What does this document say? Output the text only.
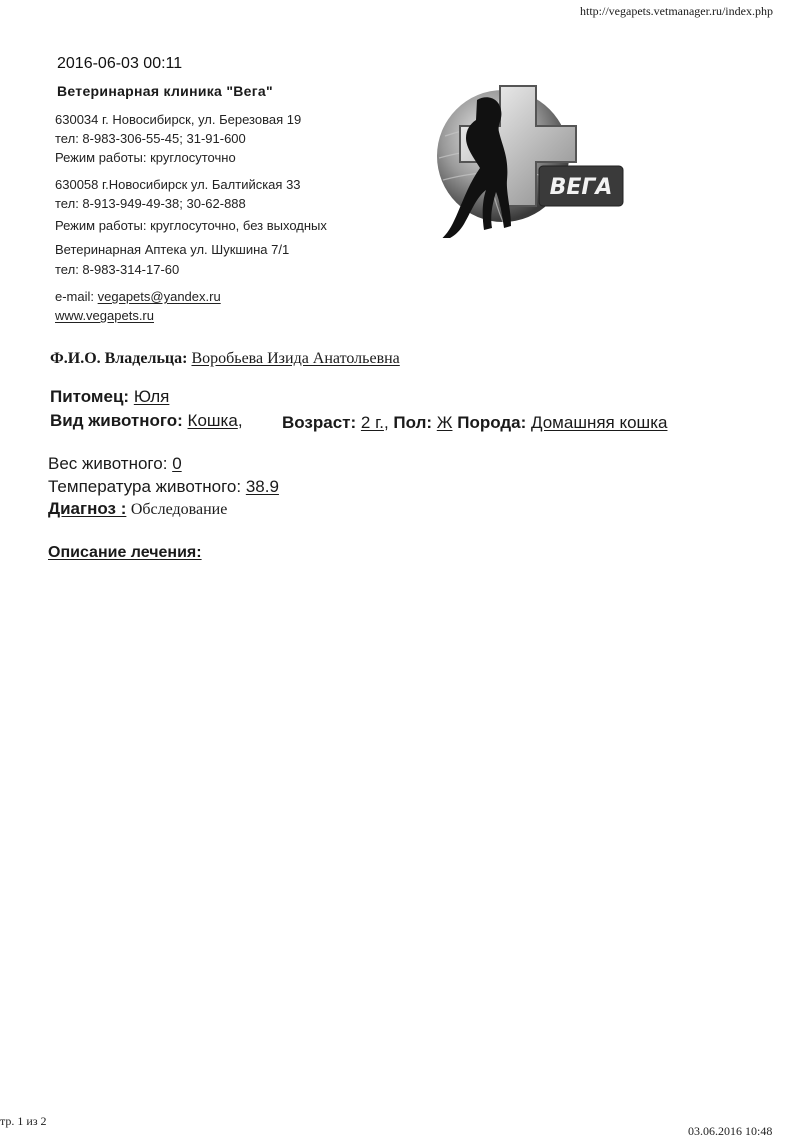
http://vegapets.vetmanager.ru/index.php
2016-06-03 00:11
Ветеринарная клиника "Вега"
630034 г. Новосибирск, ул. Березовая 19
тел: 8-983-306-55-45; 31-91-600
Режим работы: круглосуточно
630058 г.Новосибирск ул. Балтийская 33
тел: 8-913-949-49-38; 30-62-888
Режим работы: круглосуточно, без выходных
Ветеринарная Аптека ул. Шукшина 7/1
тел: 8-983-314-17-60
e-mail: vegapets@yandex.ru
www.vegapets.ru
ВЕГА
Ф.И.О. Владельца: Воробьева Изида Анатольевна
Питомец: Юля
Вид животного: Кошка, Возраст: 2 г., Пол: Ж Порода: Домашняя кошка
Вес животного: 0
Температура животного: 38.9
Диагноз : Обследование
Описание лечения:
тр. 1 из 2
03.06.2016 10:48
